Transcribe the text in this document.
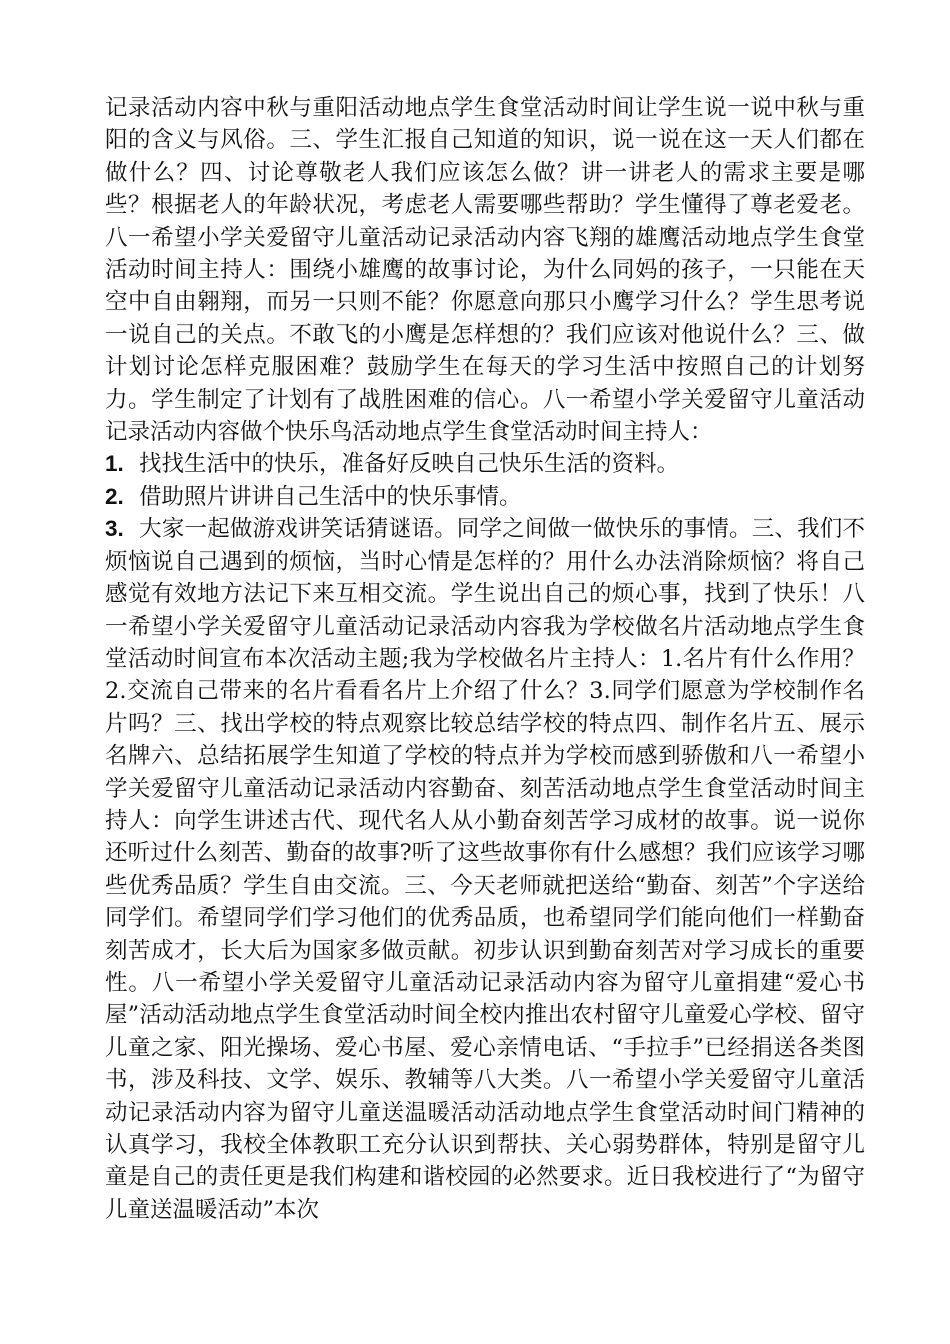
记录活动内容中秋与重阳活动地点学生食堂活动时间让学生说一说中秋与重阳的含义与风俗。三、学生汇报自己知道的知识，说一说在这一天人们都在做什么？四、讨论尊敬老人我们应该怎么做？讲一讲老人的需求主要是哪些？根据老人的年龄状况，考虑老人需要哪些帮助？学生懂得了尊老爱老。八一希望小学关爱留守儿童活动记录活动内容飞翔的雄鹰活动地点学生食堂活动时间主持人：围绕小雄鹰的故事讨论，为什么同妈的孩子，一只能在天空中自由翱翔，而另一只则不能？你愿意向那只小鹰学习什么？学生思考说一说自己的关点。不敢飞的小鹰是怎样想的？我们应该对他说什么？三、做计划讨论怎样克服困难？鼓励学生在每天的学习生活中按照自己的计划努力。学生制定了计划有了战胜困难的信心。八一希望小学关爱留守儿童活动记录活动内容做个快乐鸟活动地点学生食堂活动时间主持人：

1. 找找生活中的快乐，准备好反映自己快乐生活的资料。
2. 借助照片讲讲自己生活中的快乐事情。

3. 大家一起做游戏讲笑话猜谜语。同学之间做一做快乐的事情。三、我们不烦恼说自己遇到的烦恼，当时心情是怎样的？用什么办法消除烦恼？将自己感觉有效地方法记下来互相交流。学生说出自己的烦心事，找到了快乐！八一希望小学关爱留守儿童活动记录活动内容我为学校做名片活动地点学生食堂活动时间宣布本次活动主题;我为学校做名片主持人：1.名片有什么作用？2.交流自己带来的名片看看名片上介绍了什么？3.同学们愿意为学校制作名片吗？三、找出学校的特点观察比较总结学校的特点四、制作名片五、展示名牌六、总结拓展学生知道了学校的特点并为学校而感到骄傲和八一希望小学关爱留守儿童活动记录活动内容勤奋、刻苦活动地点学生食堂活动时间主持人：向学生讲述古代、现代名人从小勤奋刻苦学习成材的故事。说一说你还听过什么刻苦、勤奋的故事?听了这些故事你有什么感想？我们应该学习哪些优秀品质？学生自由交流。三、今天老师就把送给“勤奋、刻苦”个字送给同学们。希望同学们学习他们的优秀品质，也希望同学们能向他们一样勤奋刻苦成才，长大后为国家多做贡献。初步认识到勤奋刻苦对学习成长的重要性。八一希望小学关爱留守儿童活动记录活动内容为留守儿童捐建“爱心书屋”活动活动地点学生食堂活动时间全校内推出农村留守儿童爱心学校、留守儿童之家、阳光操场、爱心书屋、爱心亲情电话、“手拉手”已经捐送各类图书，涉及科技、文学、娱乐、教辅等八大类。八一希望小学关爱留守儿童活动记录活动内容为留守儿童送温暖活动活动地点学生食堂活动时间门精神的认真学习，我校全体教职工充分认识到帮扶、关心弱势群体，特别是留守儿童是自己的责任更是我们构建和谐校园的必然要求。近日我校进行了“为留守儿童送温暖活动”本次
